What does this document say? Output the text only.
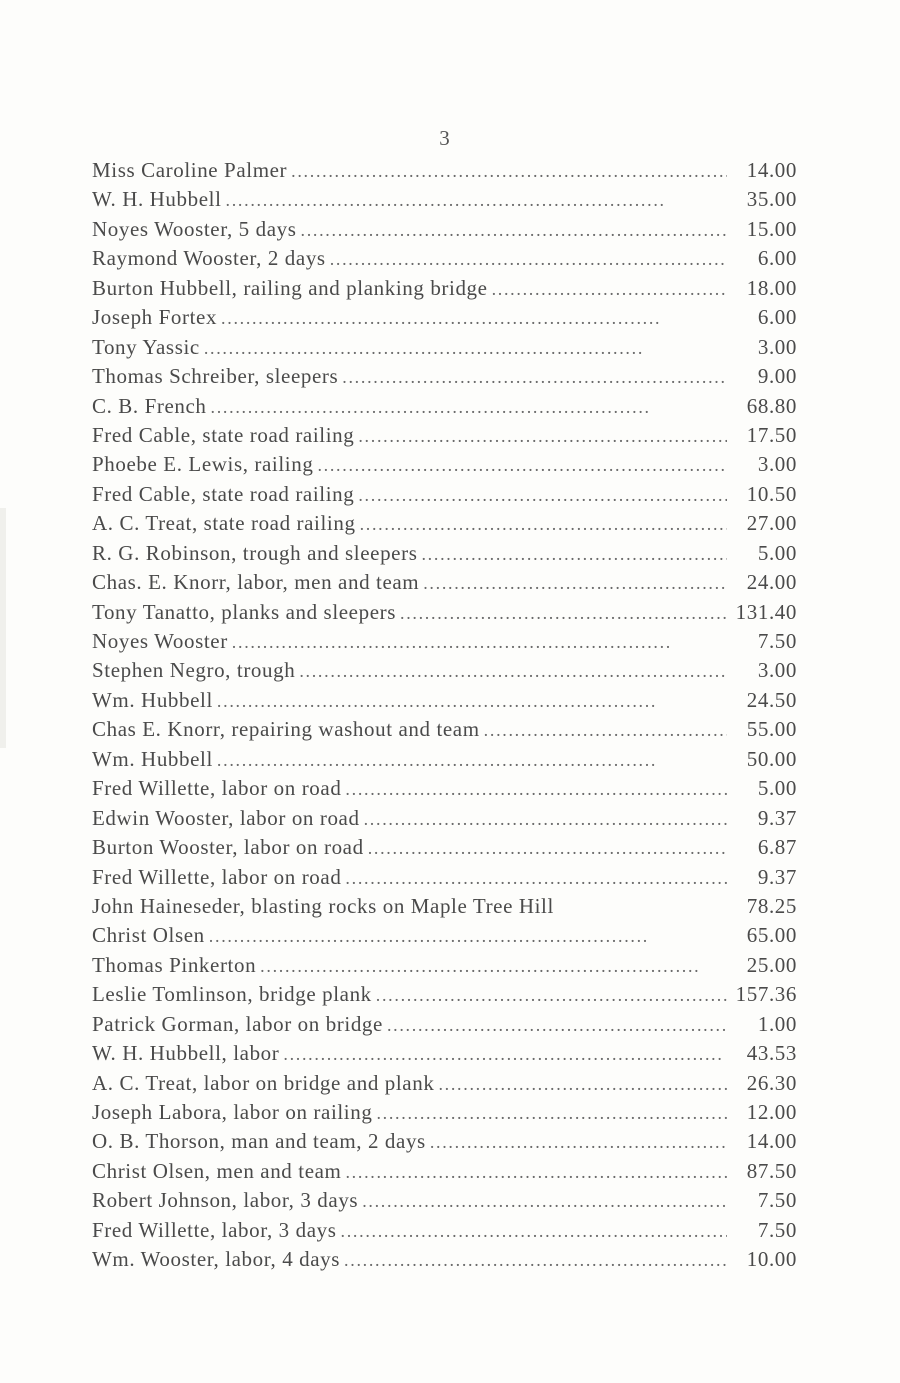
3
Miss Caroline Palmer . . .	14.00
W. H. Hubbell . . .	35.00
Noyes Wooster, 5 days . . .	15.00
Raymond Wooster, 2 days . . .	6.00
Burton Hubbell, railing and planking bridge . . .	18.00
Joseph Fortex . . .	6.00
Tony Yassic . . .	3.00
Thomas Schreiber, sleepers . . .	9.00
C. B. French . . .	68.80
Fred Cable, state road railing . . .	17.50
Phoebe E. Lewis, railing . . .	3.00
Fred Cable, state road railing . . .	10.50
A. C. Treat, state road railing . . .	27.00
R. G. Robinson, trough and sleepers . . .	5.00
Chas. E. Knorr, labor, men and team . . .	24.00
Tony Tanatto, planks and sleepers . . .	131.40
Noyes Wooster . . .	7.50
Stephen Negro, trough . . .	3.00
Wm. Hubbell . . .	24.50
Chas E. Knorr, repairing washout and team . . .	55.00
Wm. Hubbell . . .	50.00
Fred Willette, labor on road . . .	5.00
Edwin Wooster, labor on road . . .	9.37
Burton Wooster, labor on road . . .	6.87
Fred Willette, labor on road . . .	9.37
John Haineseder, blasting rocks on Maple Tree Hill	78.25
Christ Olsen . . .	65.00
Thomas Pinkerton . . .	25.00
Leslie Tomlinson, bridge plank . . .	157.36
Patrick Gorman, labor on bridge . . .	1.00
W. H. Hubbell, labor . . .	43.53
A. C. Treat, labor on bridge and plank . . .	26.30
Joseph Labora, labor on railing . . .	12.00
O. B. Thorson, man and team, 2 days . . .	14.00
Christ Olsen, men and team . . .	87.50
Robert Johnson, labor, 3 days . . .	7.50
Fred Willette, labor, 3 days . . .	7.50
Wm. Wooster, labor, 4 days . . .	10.00
